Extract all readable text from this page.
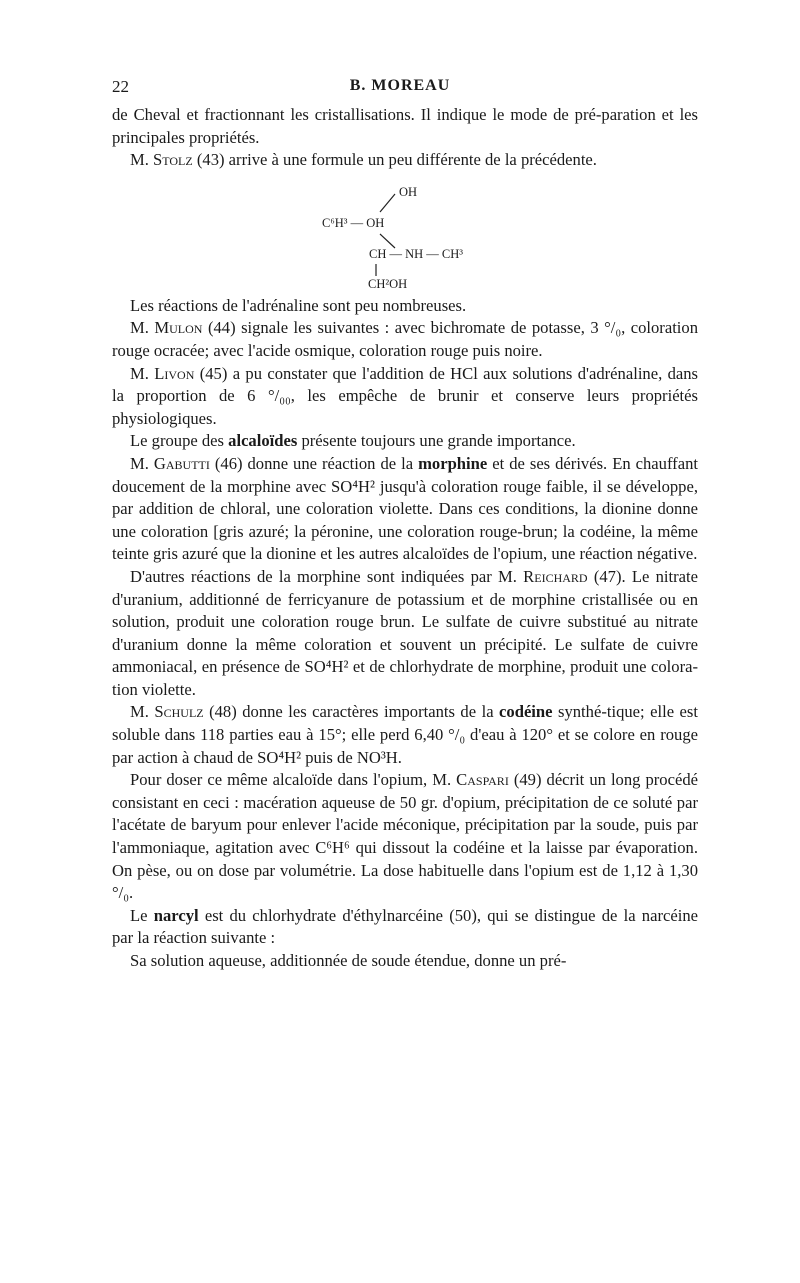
22	B. MOREAU

de Cheval et fractionnant les cristallisations. Il indique le mode de pré-paration et les principales propriétés.

M. Stolz (43) arrive à une formule un peu différente de la précédente.

OH
C⁶H³ — OH
CH — NH — CH³
CH²OH

Les réactions de l'adrénaline sont peu nombreuses.

M. Mulon (44) signale les suivantes : avec bichromate de potasse, 3 °/₀, coloration rouge ocracée; avec l'acide osmique, coloration rouge puis noire.

M. Livon (45) a pu constater que l'addition de HCl aux solutions d'adrénaline, dans la proportion de 6 °/₀₀, les empêche de brunir et conserve leurs propriétés physiologiques.

Le groupe des alcaloïdes présente toujours une grande importance.

M. Gabutti (46) donne une réaction de la morphine et de ses dérivés. En chauffant doucement de la morphine avec SO⁴H² jusqu'à coloration rouge faible, il se développe, par addition de chloral, une coloration violette. Dans ces conditions, la dionine donne une coloration [gris azuré; la péronine, une coloration rouge-brun; la codéine, la même teinte gris azuré que la dionine et les autres alcaloïdes de l'opium, une réaction négative.

D'autres réactions de la morphine sont indiquées par M. Reichard (47). Le nitrate d'uranium, additionné de ferricyanure de potassium et de morphine cristallisée ou en solution, produit une coloration rouge brun. Le sulfate de cuivre substitué au nitrate d'uranium donne la même coloration et souvent un précipité. Le sulfate de cuivre ammoniacal, en présence de SO⁴H² et de chlorhydrate de morphine, produit une colora-tion violette.

M. Schulz (48) donne les caractères importants de la codéine synthé-tique; elle est soluble dans 118 parties eau à 15°; elle perd 6,40 °/₀ d'eau à 120° et se colore en rouge par action à chaud de SO⁴H² puis de NO³H.

Pour doser ce même alcaloïde dans l'opium, M. Caspari (49) décrit un long procédé consistant en ceci : macération aqueuse de 50 gr. d'opium, précipitation de ce soluté par l'acétate de baryum pour enlever l'acide méconique, précipitation par la soude, puis par l'ammoniaque, agitation avec C⁶H⁶ qui dissout la codéine et la laisse par évaporation. On pèse, ou on dose par volumétrie. La dose habituelle dans l'opium est de 1,12 à 1,30 °/₀.

Le narcyl est du chlorhydrate d'éthylnarcéine (50), qui se distingue de la narcéine par la réaction suivante :

Sa solution aqueuse, additionnée de soude étendue, donne un pré-
